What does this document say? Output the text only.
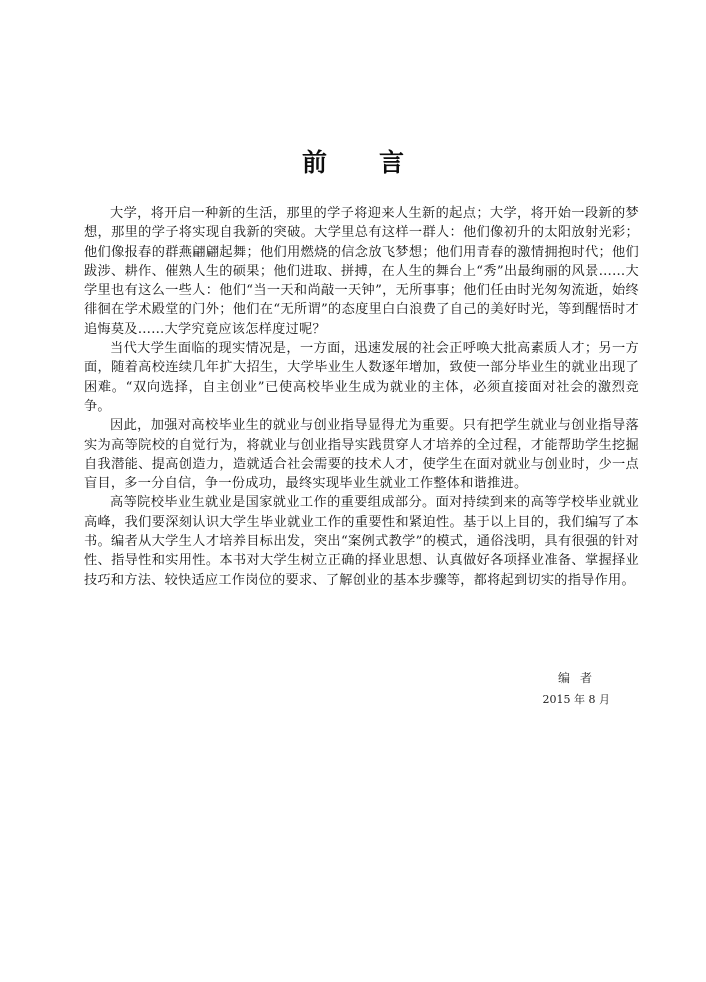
前 言

大学，将开启一种新的生活，那里的学子将迎来人生新的起点；大学，将开始一段新的梦想，那里的学子将实现自我新的突破。大学里总有这样一群人：他们像初升的太阳放射光彩；他们像报春的群燕翩翩起舞；他们用燃烧的信念放飞梦想；他们用青春的激情拥抱时代；他们跋涉、耕作、催熟人生的硕果；他们进取、拼搏，在人生的舞台上“秀”出最绚丽的风景……大学里也有这么一些人：他们“当一天和尚敲一天钟”，无所事事；他们任由时光匆匆流逝，始终徘徊在学术殿堂的门外；他们在“无所谓”的态度里白白浪费了自己的美好时光，等到醒悟时才追悔莫及……大学究竟应该怎样度过呢？

当代大学生面临的现实情况是，一方面，迅速发展的社会正呼唤大批高素质人才；另一方面，随着高校连续几年扩大招生，大学毕业生人数逐年增加，致使一部分毕业生的就业出现了困难。“双向选择，自主创业”已使高校毕业生成为就业的主体，必须直接面对社会的激烈竞争。

因此，加强对高校毕业生的就业与创业指导显得尤为重要。只有把学生就业与创业指导落实为高等院校的自觉行为，将就业与创业指导实践贯穿人才培养的全过程，才能帮助学生挖掘自我潜能、提高创造力，造就适合社会需要的技术人才，使学生在面对就业与创业时，少一点盲目，多一分自信，争一份成功，最终实现毕业生就业工作整体和谐推进。

高等院校毕业生就业是国家就业工作的重要组成部分。面对持续到来的高等学校毕业就业高峰，我们要深刻认识大学生毕业就业工作的重要性和紧迫性。基于以上目的，我们编写了本书。编者从大学生人才培养目标出发，突出“案例式教学”的模式，通俗浅明，具有很强的针对性、指导性和实用性。本书对大学生树立正确的择业思想、认真做好各项择业准备、掌握择业技巧和方法、较快适应工作岗位的要求、了解创业的基本步骤等，都将起到切实的指导作用。

编者
2015 年 8 月
